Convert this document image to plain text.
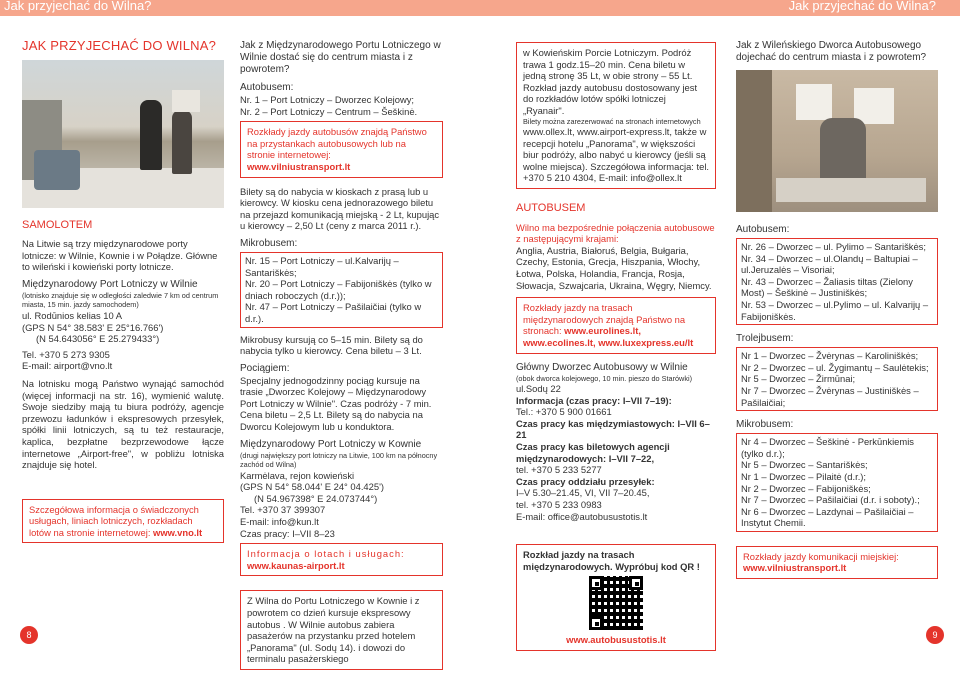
Jak przyjechać do Wilna?	Jak przyjechać do Wilna?
JAK PRZYJECHAĆ DO WILNA?

SAMOLOTEM

Na Litwie są trzy międzynarodowe porty lotnicze: w Wilnie, Kownie i w Połądze. Główne to wileński i kowieński porty lotnicze.

Międzynarodowy Port Lotniczy w Wilnie
(lotnisko znajduje się w odległości zaledwie 7 km od centrum miasta, 15 min. jazdy samochodem)
ul. Rodūnios kelias 10 A
(GPS N 54° 38.583' E 25°16.766')
(N 54.643056° E 25.279433°)
Tel. +370 5 273 9305

E-mail: airport@vno.lt

Na lotnisku mogą Państwo wynająć samochód (więcej informacji na str. 16), wymienić walutę. Swoje siedziby mają tu biura podróży, agencje przewozu ładunków i ekspresowych przesyłek, spółki linii lotniczych, są tu też restauracje, kaplica, bezpłatne bezprzewodowe łącze internetowe „Airport-free", w pobliżu lotniska znajduje się hotel.

Szczegółowa informacja o świadczonych usługach, liniach lotniczych, rozkładach lotów na stronie internetowej: www.vno.lt
8

Jak z Międzynarodowego Portu Lotniczego w Wilnie dostać się do centrum miasta i z powrotem?

Autobusem:
Nr. 1 – Port Lotniczy – Dworzec Kolejowy;
Nr. 2 – Port Lotniczy – Centrum – Šeškinė.
Rozkłady jazdy autobusów znajdą Państwo na przystankach autobusowych lub na stronie internetowej: www.vilniustransport.lt

Bilety są do nabycia w kioskach z prasą lub u kierowcy. W kiosku cena jednorazowego biletu na przejazd komunikacją miejską - 2 Lt, kupując u kierowcy – 2,50 Lt (ceny z marca 2011 r.).

Mikrobusem:
Nr. 15 – Port Lotniczy – ul.Kalvarijų – Santariškės;
Nr. 20 – Port Lotniczy – Fabijoniškės (tylko w dniach roboczych (d.r.));
Nr. 47 – Port Lotniczy – Pašilaičiai (tylko w d.r.).

Mikrobusy kursują co 5–15 min. Bilety są do nabycia tylko u kierowcy. Cena biletu – 3 Lt.

Pociągiem:

Specjalny jednogodzinny pociąg kursuje na trasie „Dworzec Kolejowy – Międzynarodowy Port Lotniczy w Wilnie". Czas podróży - 7 min. Cena biletu – 2,5 Lt. Bilety są do nabycia na Dworcu Kolejowym lub u konduktora.

Międzynarodowy Port Lotniczy w Kownie
(drugi największy port lotniczy na Litwie, 100 km na północny zachód od Wilna)
Karmėlava, rejon kowieński
(GPS N 54° 58.044' E 24° 04.425')
(N 54.967398° E 24.073744°)
Tel. +370 37 399307
E-mail: info@kun.lt
Czas pracy: I–VII 8–23
Informacja o lotach i usługach:
www.kaunas-airport.lt
Z Wilna do Portu Lotniczego w Kownie i z powrotem co dzień kursuje ekspresowy autobus . W Wilnie autobus zabiera pasażerów na przystanku przed hotelem „Panorama" (ul. Sodų 14). i dowozi do terminalu pasażerskiego
w Kowieńskim Porcie Lotniczym. Podróż trawa 1 godz.15–20 min. Cena biletu w jedną stronę 35 Lt, w obie strony – 55 Lt. Rozkład jazdy autobusu dostosowany jest do rozkładów lotów spółki lotniczej „Ryanair".
Bilety można zarezerwować na stronach internetowych
www.ollex.lt, www.airport-express.lt, także w recepcji hotelu „Panorama", w większości biur podróży, albo nabyć u kierowcy (jeśli są wolne miejsca). Szczegółowa informacja: tel. +370 5 210 4304, E-mail: info@ollex.lt

AUTOBUSEM

Wilno ma bezpośrednie połączenia autobusowe z następującymi krajami:

Anglia, Austria, Białoruś, Belgia, Bułgaria, Czechy, Estonia, Grecja, Hiszpania, Włochy, Łotwa, Polska, Holandia, Francja, Rosja, Słowacja, Szwajcaria, Ukraina, Węgry, Niemcy.

Rozkłady jazdy na trasach międzynarodowych znajdą Państwo na stronach: www.eurolines.lt, www.ecolines.lt, www.luxexpress.eu/lt
Główny Dworzec Autobusowy w Wilnie
(obok dworca kolejowego, 10 min. pieszo do Starówki)
ul.Sodų 22
Informacja (czas pracy: I–VII 7–19):
Tel.: +370 5 900 01661
Czas pracy kas międzymiastowych: I–VII 6–21
Czas pracy kas biletowych agencji międzynarodowych: I–VII 7–22,
tel. +370 5 233 5277
Czas pracy oddziału przesyłek:
I–V 5.30–21.45, VI, VII 7–20.45,
tel. +370 5 233 0983
E-mail: office@autobusustotis.lt
Rozkład jazdy na trasach międzynarodowych. Wypróbuj kod QR !
www.autobusustotis.lt

Jak z Wileńskiego Dworca Autobusowego dojechać do centrum miasta i z powrotem?

Autobusem:
Nr. 26 – Dworzec – ul. Pylimo – Santariškės;
Nr. 34 – Dworzec – ul.Olandų – Baltupiai – ul.Jeruzalės – Visoriai;
Nr. 43 – Dworzec – Žaliasis tiltas (Zielony Most) – Šeškinė – Justiniškės;
Nr. 53 – Dworzec – ul.Pylimo – ul. Kalvarijų – Fabijoniškės.
Trolejbusem:
Nr 1 – Dworzec – Žvėrynas – Karoliniškės;
Nr 2 – Dworzec – ul. Žygimantų – Saulėtekis;
Nr 5 – Dworzec – Žirmūnai;
Nr 7 – Dworzec – Žvėrynas – Justiniškės – Pašilaičiai;
Mikrobusem:
Nr 4 – Dworzec – Šeškinė - Perkūnkiemis (tylko d.r.);
Nr 5 – Dworzec – Santariškės;
Nr 1 – Dworzec – Pilaitė (d.r.);
Nr 2 – Dworzec – Fabijoniškės;
Nr 7 – Dworzec – Pašilaičiai (d.r. i soboty).;
Nr 6 – Dworzec – Lazdynai – Pašilaičiai – Instytut Chemii.
Rozkłady jazdy komunikacji miejskiej: www.vilniustransport.lt
9
